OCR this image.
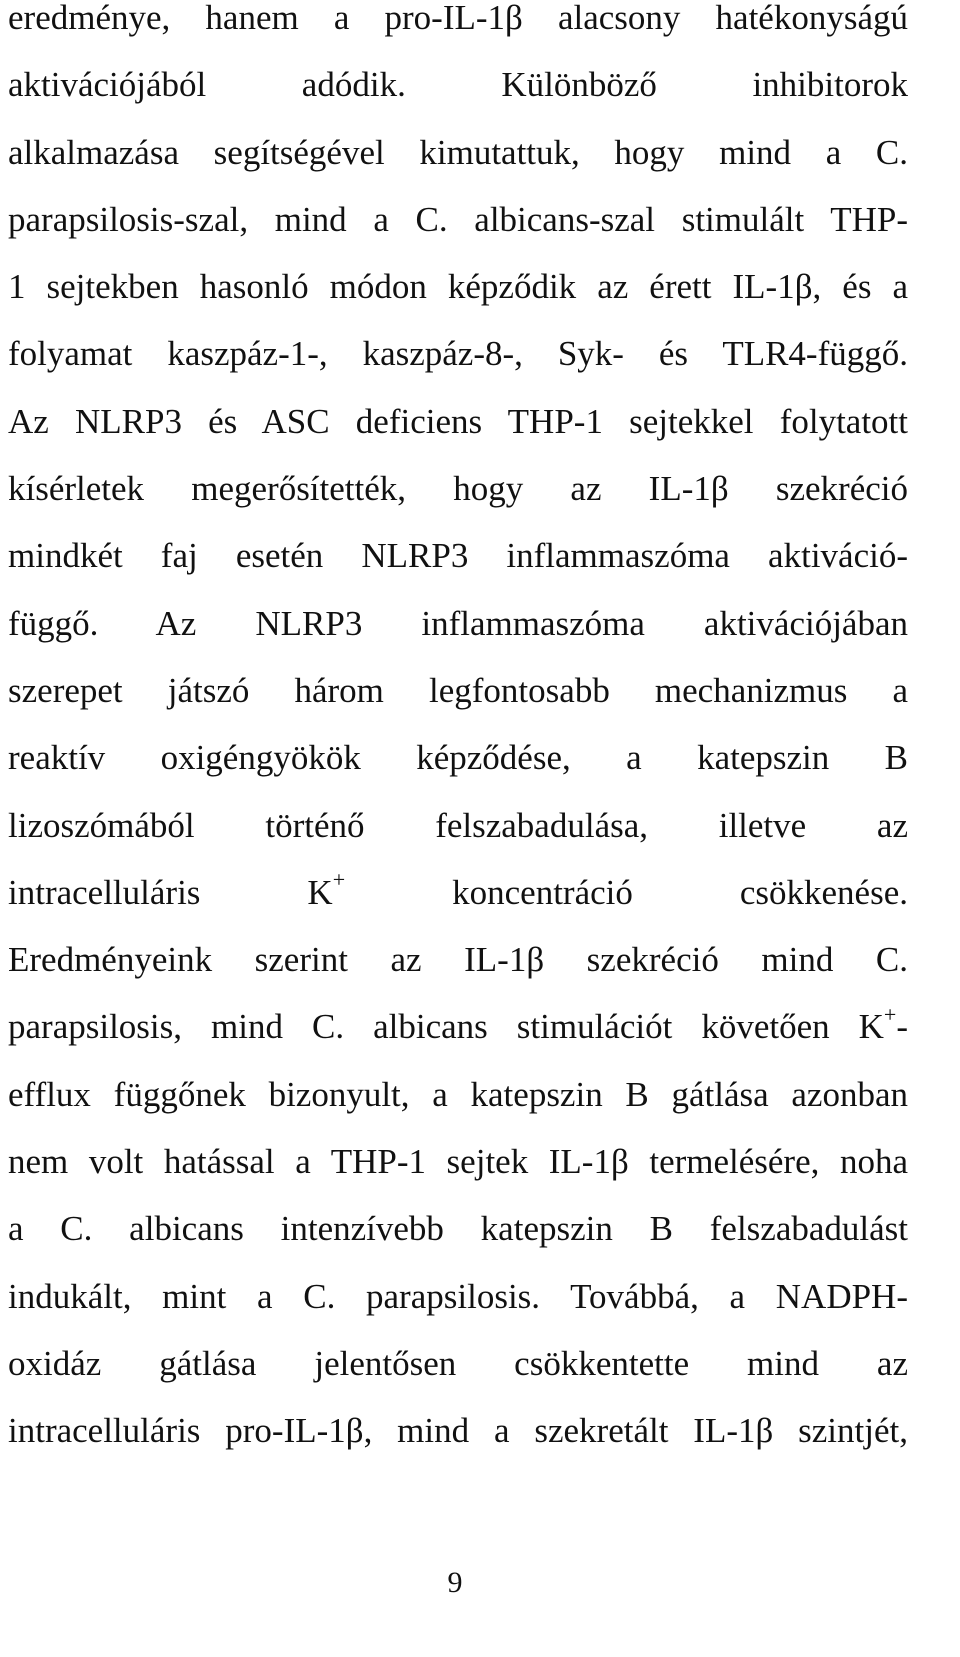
eredménye, hanem a pro-IL-1β alacsony hatékonyságú
aktivációjából adódik. Különböző inhibitorok
alkalmazása segítségével kimutattuk, hogy mind a C.
parapsilosis-szal, mind a C. albicans-szal stimulált THP-
1 sejtekben hasonló módon képződik az érett IL-1β, és a
folyamat kaszpáz-1-, kaszpáz-8-, Syk- és TLR4-függő.
Az NLRP3 és ASC deficiens THP-1 sejtekkel folytatott
kísérletek megerősítették, hogy az IL-1β szekréció
mindkét faj esetén NLRP3 inflammaszóma aktiváció-
függő. Az NLRP3 inflammaszóma aktivációjában
szerepet játszó három legfontosabb mechanizmus a
reaktív oxigéngyökök képződése, a katepszin B
lizoszómából történő felszabadulása, illetve az
intracelluláris K+ koncentráció csökkenése.
Eredményeink szerint az IL-1β szekréció mind C.
parapsilosis, mind C. albicans stimulációt követően K+-
efflux függőnek bizonyult, a katepszin B gátlása azonban
nem volt hatással a THP-1 sejtek IL-1β termelésére, noha
a C. albicans intenzívebb katepszin B felszabadulást
indukált, mint a C. parapsilosis. Továbbá, a NADPH-
oxidáz gátlása jelentősen csökkentette mind az
intracelluláris pro-IL-1β, mind a szekretált IL-1β szintjét,
9
